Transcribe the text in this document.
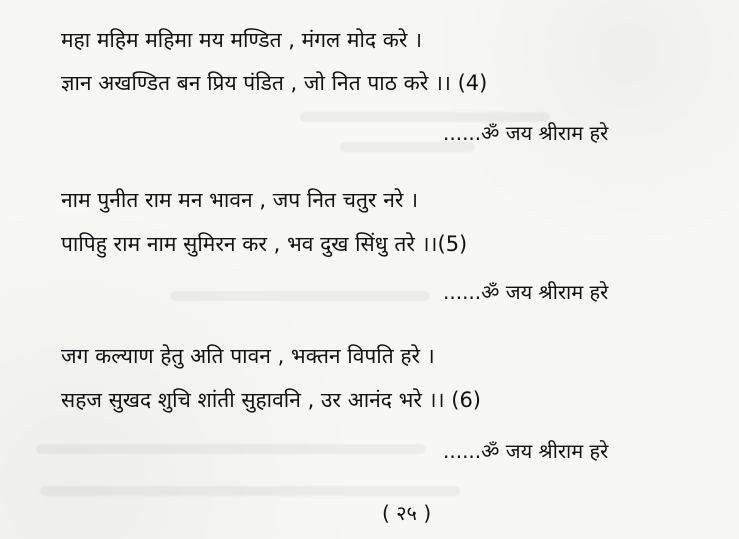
महा महिम महिमा मय मण्डित , मंगल मोद करे ।
ज्ञान अखण्डित बन प्रिय पंडित , जो नित पाठ करे ।। (4)
......ॐ जय श्रीराम हरे
नाम पुनीत राम मन भावन , जप नित चतुर नरे ।
पापिहु राम नाम सुमिरन कर , भव दुख सिंधु तरे ।।(5)
......ॐ जय श्रीराम हरे
जग कल्याण हेतु अति पावन , भक्तन विपति हरे ।
सहज सुखद शुचि शांती सुहावनि , उर आनंद भरे ।। (6)
......ॐ जय श्रीराम हरे
( २५ )
